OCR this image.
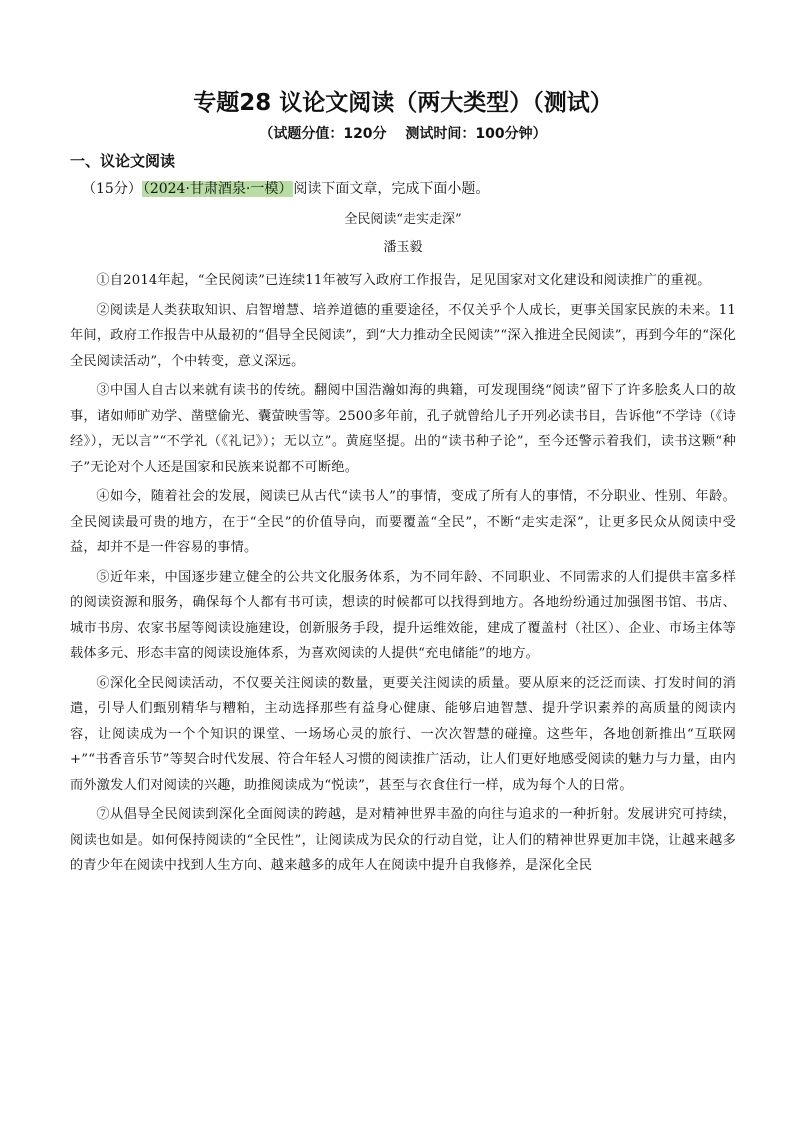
专题28 议论文阅读（两大类型）（测试）
（试题分值：120分　 测试时间：100分钟）
一、议论文阅读
（15分）（2024·甘肃酒泉·一模）阅读下面文章，完成下面小题。
全民阅读“走实走深”
潘玉毅

①自2014年起，“全民阅读”已连续11年被写入政府工作报告，足见国家对文化建设和阅读推广的重视。

②阅读是人类获取知识、启智增慧、培养道德的重要途径，不仅关乎个人成长，更事关国家民族的未来。11年间，政府工作报告中从最初的“倡导全民阅读”，到“大力推动全民阅读”“深入推进全民阅读”，再到今年的“深化全民阅读活动”，个中转变，意义深远。

③中国人自古以来就有读书的传统。翻阅中国浩瀚如海的典籍，可发现围绕“阅读”留下了许多脍炙人口的故事，诸如师旷劝学、凿壁偷光、囊萤映雪等。2500多年前，孔子就曾给儿子开列必读书目，告诉他“不学诗（《诗经》），无以言”“不学礼（《礼记》）；无以立”。黄庭坚提。出的“读书种子论”，至今还警示着我们，读书这颗“种子”无论对个人还是国家和民族来说都不可断绝。

④如今，随着社会的发展，阅读已从古代“读书人”的事情，变成了所有人的事情，不分职业、性别、年龄。全民阅读最可贵的地方，在于“全民”的价值导向，而要覆盖“全民”，不断“走实走深”，让更多民众从阅读中受益，却并不是一件容易的事情。

⑤近年来，中国逐步建立健全的公共文化服务体系，为不同年龄、不同职业、不同需求的人们提供丰富多样的阅读资源和服务，确保每个人都有书可读，想读的时候都可以找得到地方。各地纷纷通过加强图书馆、书店、城市书房、农家书屋等阅读设施建设，创新服务手段，提升运维效能，建成了覆盖村（社区）、企业、市场主体等载体多元、形态丰富的阅读设施体系，为喜欢阅读的人提供“充电储能”的地方。

⑥深化全民阅读活动，不仅要关注阅读的数量，更要关注阅读的质量。要从原来的泛泛而读、打发时间的消遣，引导人们甄别精华与糟粕，主动选择那些有益身心健康、能够启迪智慧、提升学识素养的高质量的阅读内容，让阅读成为一个个知识的课堂、一场场心灵的旅行、一次次智慧的碰撞。这些年，各地创新推出“互联网+”“书香音乐节”等契合时代发展、符合年轻人习惯的阅读推广活动，让人们更好地感受阅读的魅力与力量，由内而外激发人们对阅读的兴趣，助推阅读成为“悦读”，甚至与衣食住行一样，成为每个人的日常。

⑦从倡导全民阅读到深化全面阅读的跨越，是对精神世界丰盈的向往与追求的一种折射。发展讲究可持续，阅读也如是。如何保持阅读的“全民性”，让阅读成为民众的行动自觉，让人们的精神世界更加丰饶，让越来越多的青少年在阅读中找到人生方向、越来越多的成年人在阅读中提升自我修养，是深化全民
